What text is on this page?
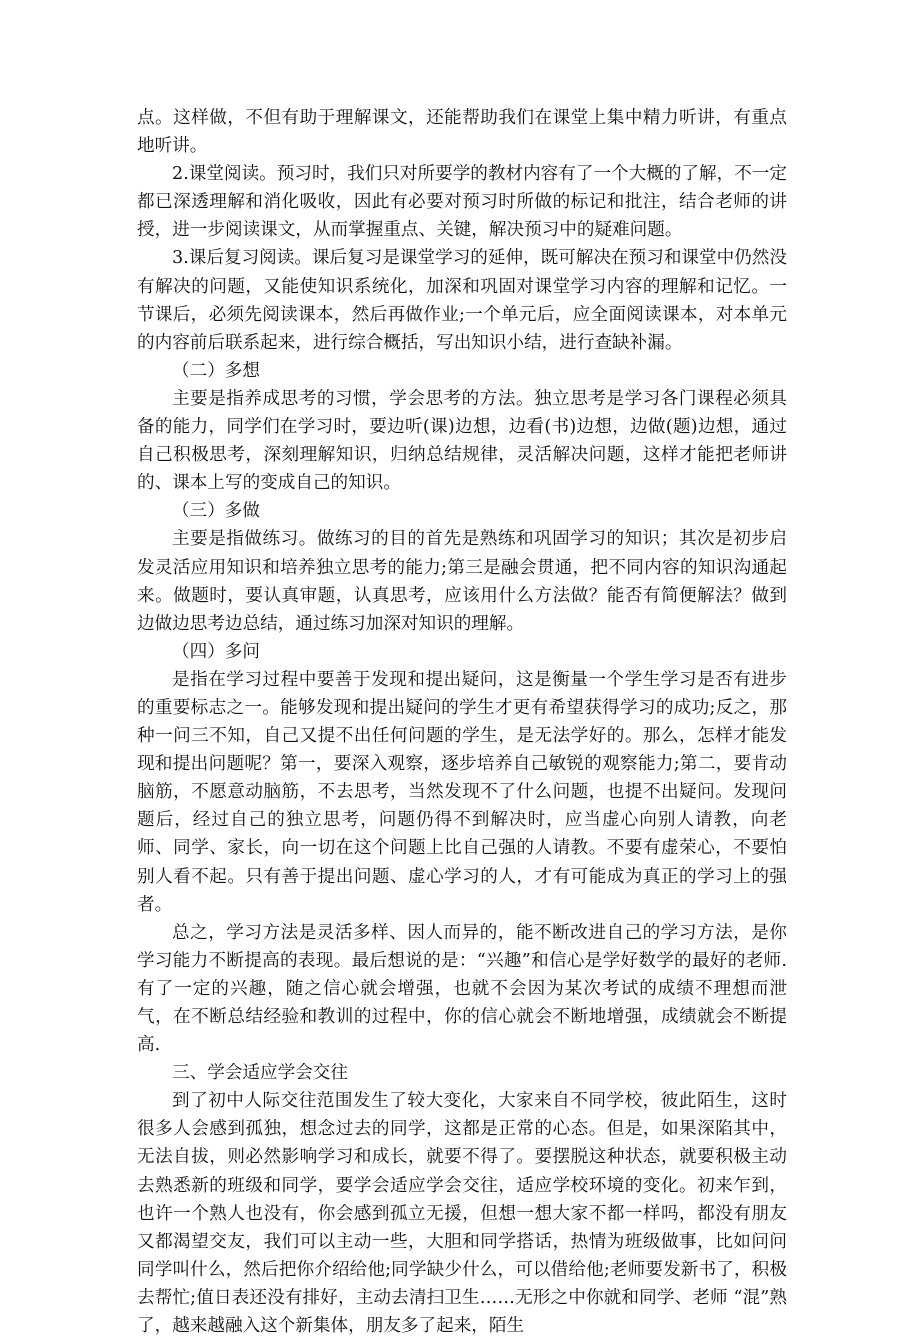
点。这样做，不但有助于理解课文，还能帮助我们在课堂上集中精力听讲，有重点地听讲。

2.课堂阅读。预习时，我们只对所要学的教材内容有了一个大概的了解，不一定都已深透理解和消化吸收，因此有必要对预习时所做的标记和批注，结合老师的讲授，进一步阅读课文，从而掌握重点、关键，解决预习中的疑难问题。

3.课后复习阅读。课后复习是课堂学习的延伸，既可解决在预习和课堂中仍然没有解决的问题，又能使知识系统化，加深和巩固对课堂学习内容的理解和记忆。一节课后，必须先阅读课本，然后再做作业;一个单元后，应全面阅读课本，对本单元的内容前后联系起来，进行综合概括，写出知识小结，进行查缺补漏。

（二）多想

主要是指养成思考的习惯，学会思考的方法。独立思考是学习各门课程必须具备的能力，同学们在学习时，要边听(课)边想，边看(书)边想，边做(题)边想，通过自己积极思考，深刻理解知识，归纳总结规律，灵活解决问题，这样才能把老师讲的、课本上写的变成自己的知识。

（三）多做

主要是指做练习。做练习的目的首先是熟练和巩固学习的知识；其次是初步启发灵活应用知识和培养独立思考的能力;第三是融会贯通，把不同内容的知识沟通起来。做题时，要认真审题，认真思考，应该用什么方法做？能否有简便解法？做到边做边思考边总结，通过练习加深对知识的理解。

（四）多问

是指在学习过程中要善于发现和提出疑问，这是衡量一个学生学习是否有进步的重要标志之一。能够发现和提出疑问的学生才更有希望获得学习的成功;反之，那种一问三不知，自己又提不出任何问题的学生，是无法学好的。那么，怎样才能发现和提出问题呢？第一，要深入观察，逐步培养自己敏锐的观察能力;第二，要肯动脑筋，不愿意动脑筋，不去思考，当然发现不了什么问题，也提不出疑问。发现问题后，经过自己的独立思考，问题仍得不到解决时，应当虚心向别人请教，向老师、同学、家长，向一切在这个问题上比自己强的人请教。不要有虚荣心，不要怕别人看不起。只有善于提出问题、虚心学习的人，才有可能成为真正的学习上的强者。

总之，学习方法是灵活多样、因人而异的，能不断改进自己的学习方法，是你学习能力不断提高的表现。最后想说的是：“兴趣”和信心是学好数学的最好的老师. 有了一定的兴趣，随之信心就会增强，也就不会因为某次考试的成绩不理想而泄气，在不断总结经验和教训的过程中，你的信心就会不断地增强，成绩就会不断提高.

三、学会适应学会交往

到了初中人际交往范围发生了较大变化，大家来自不同学校，彼此陌生，这时很多人会感到孤独，想念过去的同学，这都是正常的心态。但是，如果深陷其中，无法自拔，则必然影响学习和成长，就要不得了。要摆脱这种状态，就要积极主动去熟悉新的班级和同学，要学会适应学会交往，适应学校环境的变化。初来乍到，也许一个熟人也没有，你会感到孤立无援，但想一想大家不都一样吗，都没有朋友又都渴望交友，我们可以主动一些，大胆和同学搭话，热情为班级做事，比如问问同学叫什么，然后把你介绍给他;同学缺少什么，可以借给他;老师要发新书了，积极去帮忙;值日表还没有排好，主动去清扫卫生……无形之中你就和同学、老师 “混”熟了，越来越融入这个新集体，朋友多了起来，陌生
